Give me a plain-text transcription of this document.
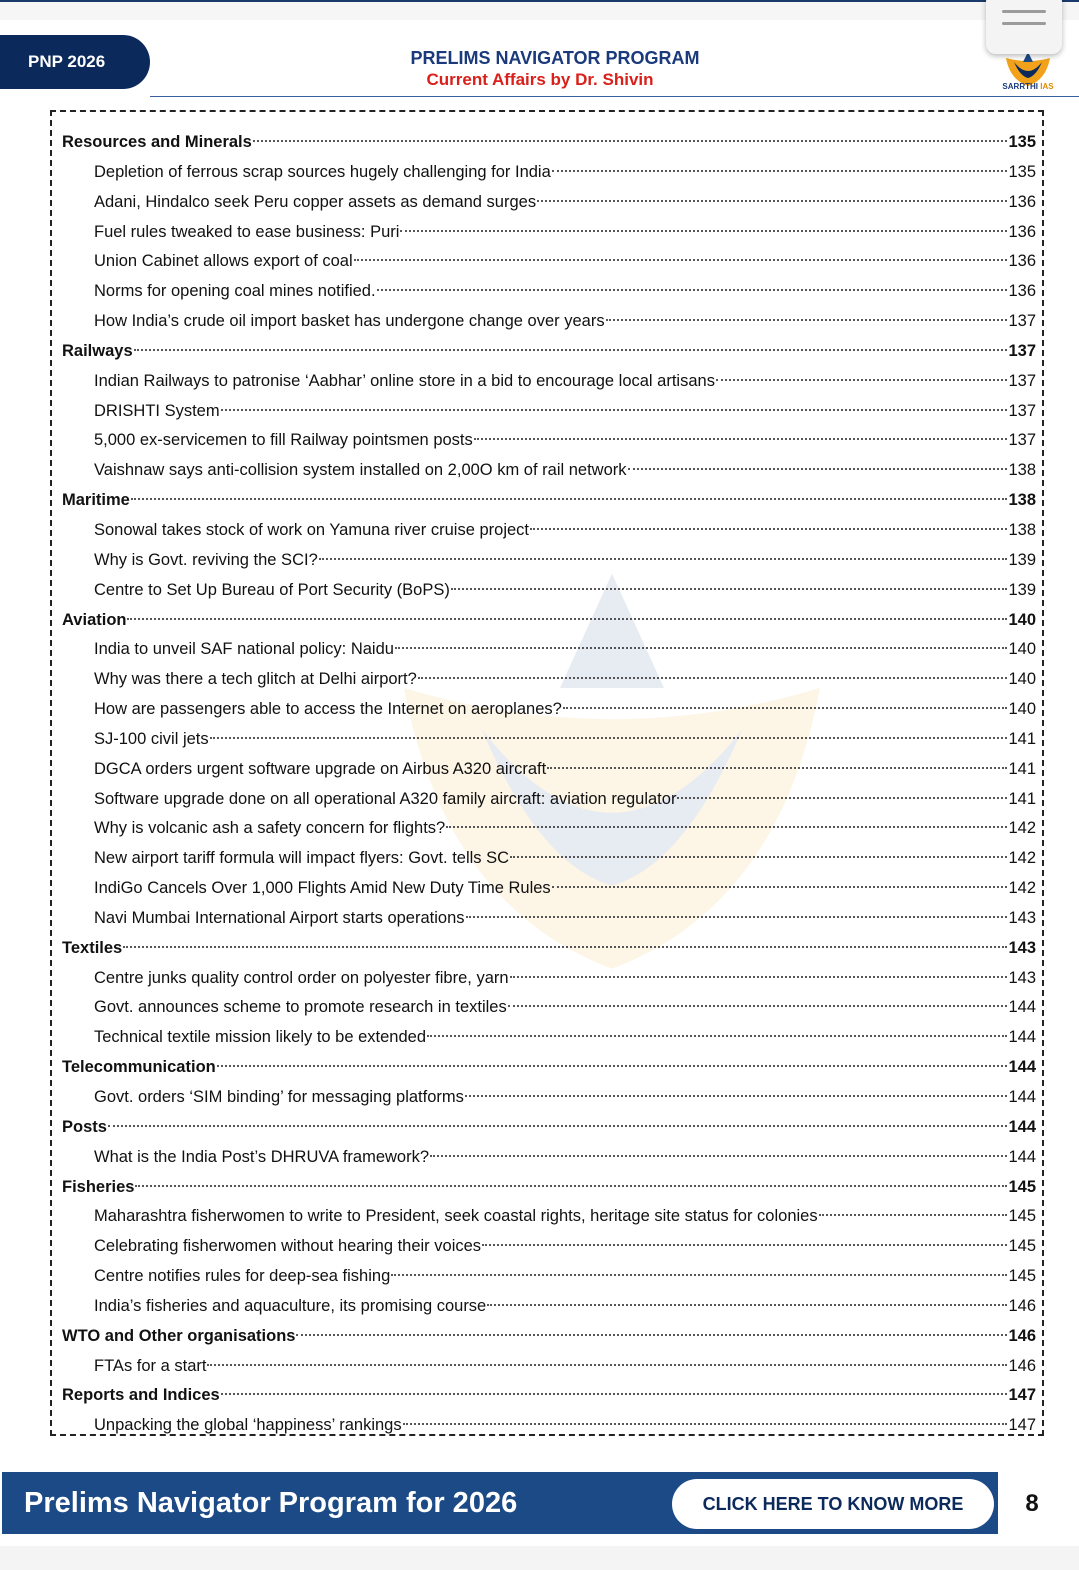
PNP 2026	PRELIMS NAVIGATOR PROGRAM
Current Affairs by Dr. Shivin	SARRTHI IAS
Resources and Minerals	135
Depletion of ferrous scrap sources hugely challenging for India	135
Adani, Hindalco seek Peru copper assets as demand surges	136
Fuel rules tweaked to ease business: Puri	136
Union Cabinet allows export of coal	136
Norms for opening coal mines notified.	136
How India’s crude oil import basket has undergone change over years	137
Railways	137
Indian Railways to patronise ‘Aabhar’ online store in a bid to encourage local artisans	137
DRISHTI System	137
5,000 ex-servicemen to fill Railway pointsmen posts	137
Vaishnaw says anti-collision system installed on 2,00O km of rail network	138
Maritime	138
Sonowal takes stock of work on Yamuna river cruise project	138
Why is Govt. reviving the SCI?	139
Centre to Set Up Bureau of Port Security (BoPS)	139
Aviation	140
India to unveil SAF national policy: Naidu	140
Why was there a tech glitch at Delhi airport?	140
How are passengers able to access the Internet on aeroplanes?	140
SJ-100 civil jets	141
DGCA orders urgent software upgrade on Airbus A320 aircraft	141
Software upgrade done on all operational A320 family aircraft: aviation regulator	141
Why is volcanic ash a safety concern for flights?	142
New airport tariff formula will impact flyers: Govt. tells SC	142
IndiGo Cancels Over 1,000 Flights Amid New Duty Time Rules	142
Navi Mumbai International Airport starts operations	143
Textiles	143
Centre junks quality control order on polyester fibre, yarn	143
Govt. announces scheme to promote research in textiles	144
Technical textile mission likely to be extended	144
Telecommunication	144
Govt. orders ‘SIM binding’ for messaging platforms	144
Posts	144
What is the India Post’s DHRUVA framework?	144
Fisheries	145
Maharashtra fisherwomen to write to President, seek coastal rights, heritage site status for colonies	145
Celebrating fisherwomen without hearing their voices	145
Centre notifies rules for deep-sea fishing	145
India’s fisheries and aquaculture, its promising course	146
WTO and Other organisations	146
FTAs for a start	146
Reports and Indices	147
Unpacking the global ‘happiness’ rankings	147
Prelims Navigator Program for 2026	CLICK HERE TO KNOW MORE	8
